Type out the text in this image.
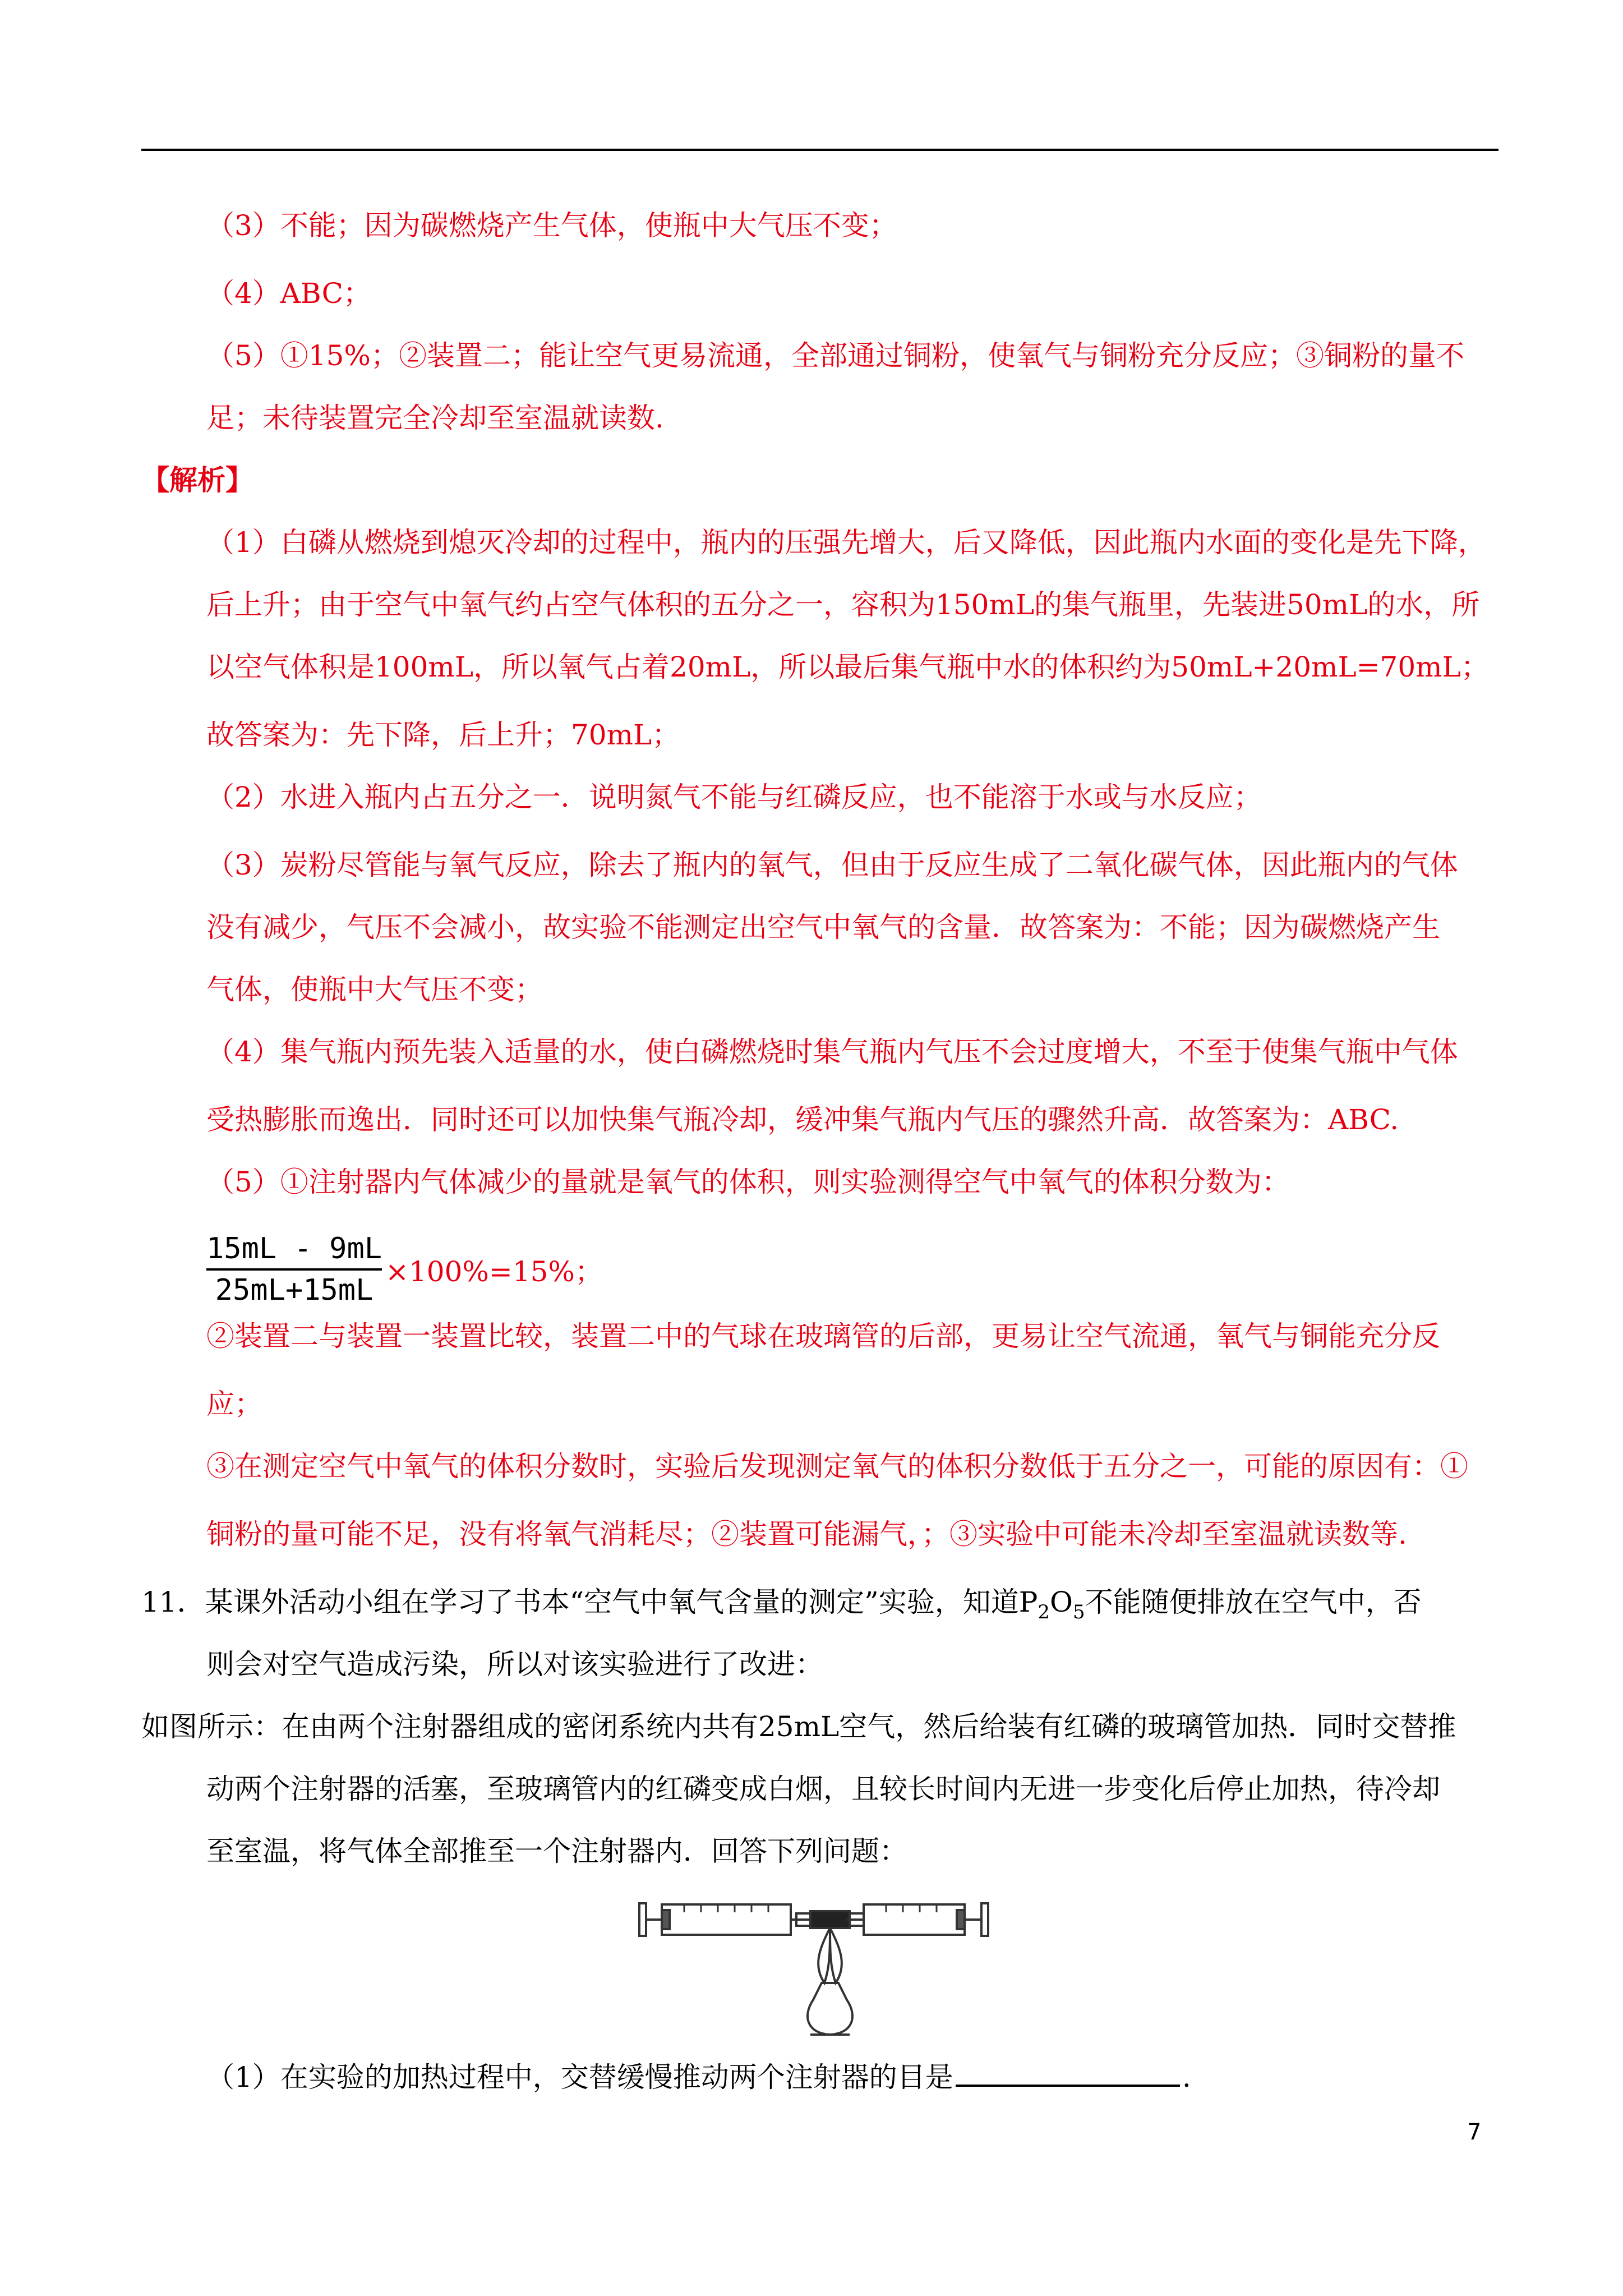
（3）不能；因为碳燃烧产生气体，使瓶中大气压不变；
（4）ABC；
（5）①15%；②装置二；能让空气更易流通，全部通过铜粉，使氧气与铜粉充分反应；③铜粉的量不
足；未待装置完全冷却至室温就读数.
【解析】
（1）白磷从燃烧到熄灭冷却的过程中，瓶内的压强先增大，后又降低，因此瓶内水面的变化是先下降，
后上升；由于空气中氧气约占空气体积的五分之一，容积为150mL的集气瓶里，先装进50mL的水，所
以空气体积是100mL，所以氧气占着20mL，所以最后集气瓶中水的体积约为50mL+20mL=70mL；
故答案为：先下降，后上升；70mL；
（2）水进入瓶内占五分之一．说明氮气不能与红磷反应，也不能溶于水或与水反应；
（3）炭粉尽管能与氧气反应，除去了瓶内的氧气，但由于反应生成了二氧化碳气体，因此瓶内的气体
没有减少，气压不会减小，故实验不能测定出空气中氧气的含量．故答案为：不能；因为碳燃烧产生
气体，使瓶中大气压不变；
（4）集气瓶内预先装入适量的水，使白磷燃烧时集气瓶内气压不会过度增大，不至于使集气瓶中气体
受热膨胀而逸出．同时还可以加快集气瓶冷却，缓冲集气瓶内气压的骤然升高．故答案为：ABC.
（5）①注射器内气体减少的量就是氧气的体积，则实验测得空气中氧气的体积分数为：
$\frac{15mL - 9mL}{25mL+15mL} \times 100\%=15\%$；
②装置二与装置一装置比较，装置二中的气球在玻璃管的后部，更易让空气流通，氧气与铜能充分反
应；
③在测定空气中氧气的体积分数时，实验后发现测定氧气的体积分数低于五分之一，可能的原因有：①
铜粉的量可能不足，没有将氧气消耗尽；②装置可能漏气，；③实验中可能未冷却至室温就读数等.
11．某课外活动小组在学习了书本“空气中氧气含量的测定”实验，知道$P_2O_5$不能随便排放在空气中，否
则会对空气造成污染，所以对该实验进行了改进：
如图所示：在由两个注射器组成的密闭系统内共有25mL空气，然后给装有红磷的玻璃管加热．同时交替推
动两个注射器的活塞，至玻璃管内的红磷变成白烟，且较长时间内无进一步变化后停止加热，待冷却
至室温，将气体全部推至一个注射器内．回答下列问题：
（1）在实验的加热过程中，交替缓慢推动两个注射器的目是	.
7
